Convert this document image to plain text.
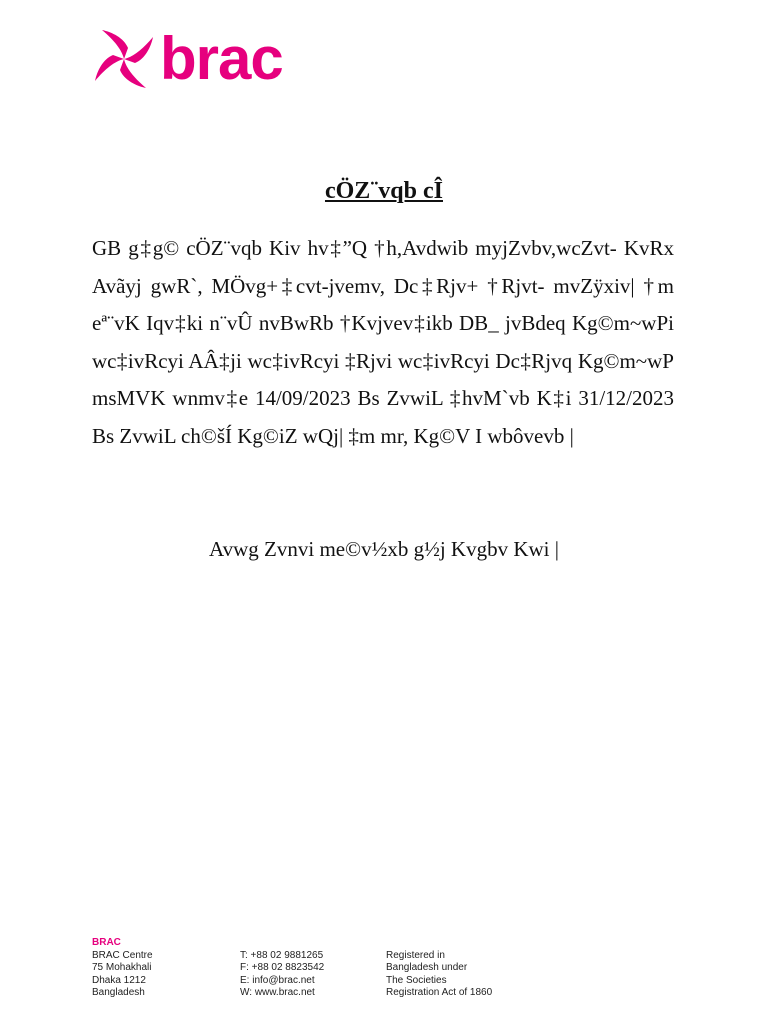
brac
cÖZ¨vqb cÎ

GB g‡g© cÖZ¨vqb Kiv hv‡”Q †h,Avdwib myjZvbv,wcZvt- KvRx Avãyj gwR`, MÖvg+‡cvt-jvemv, Dc‡Rjv+ †Rjvt- mvZÿxiv| †m eª¨vK Iqv‡ki n¨vÛ nvBwRb †Kvjvev‡ikb DB_ jvBdeq Kg©m~wPi wc‡ivRcyi AÂ‡ji wc‡ivRcyi ‡Rjvi wc‡ivRcyi Dc‡Rjvq Kg©m~wP msMVK wnmv‡e 14/09/2023 Bs ZvwiL ‡hvM`vb K‡i 31/12/2023 Bs ZvwiL ch©šÍ Kg©iZ wQj| ‡m mr, Kg©V I wbôvevb |

Avwg Zvnvi me©v½xb g½j Kvgbv Kwi |
BRAC
BRAC Centre
75 Mohakhali
Dhaka 1212
Bangladesh
T: +88 02 9881265
F: +88 02 8823542
E: info@brac.net
W: www.brac.net
Registered in
Bangladesh under
The Societies
Registration Act of 1860
